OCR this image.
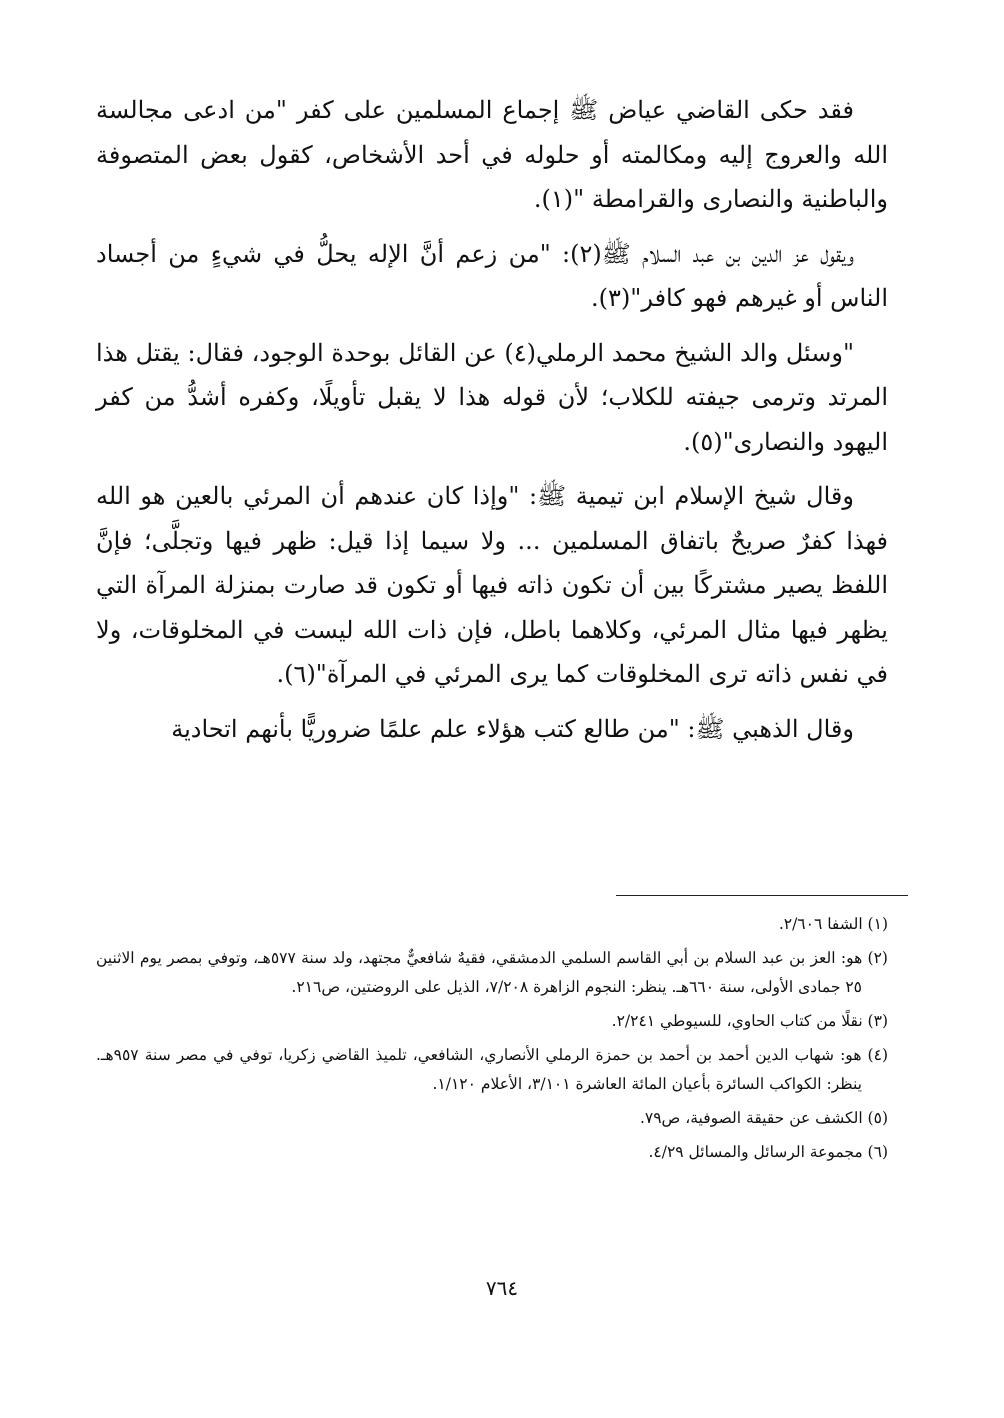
فقد حكى القاضي عياض ﷺ إجماع المسلمين على كفر "من ادعى مجالسة الله والعروج إليه ومكالمته أو حلوله في أحد الأشخاص، كقول بعض المتصوفة والباطنية والنصارى والقرامطة "(١).

ويقول عز الدين بن عبد السلام ﷺ(٢): "من زعم أنَّ الإله يحلُّ في شيءٍ من أجساد الناس أو غيرهم فهو كافر"(٣).

"وسئل والد الشيخ محمد الرملي(٤) عن القائل بوحدة الوجود، فقال: يقتل هذا المرتد وترمى جيفته للكلاب؛ لأن قوله هذا لا يقبل تأويلًا، وكفره أشدُّ من كفر اليهود والنصارى"(٥).

وقال شيخ الإسلام ابن تيمية ﷺ: "وإذا كان عندهم أن المرئي بالعين هو الله فهذا كفرٌ صريحٌ باتفاق المسلمين ... ولا سيما إذا قيل: ظهر فيها وتجلَّى؛ فإنَّ اللفظ يصير مشتركًا بين أن تكون ذاته فيها أو تكون قد صارت بمنزلة المرآة التي يظهر فيها مثال المرئي، وكلاهما باطل، فإن ذات الله ليست في المخلوقات، ولا في نفس ذاته ترى المخلوقات كما يرى المرئي في المرآة"(٦).

وقال الذهبي ﷺ: "من طالع كتب هؤلاء علم علمًا ضروريًّا بأنهم اتحادية

(١) الشفا ٢/٦٠٦.

(٢) هو: العز بن عبد السلام بن أبي القاسم السلمي الدمشقي، فقيهٌ شافعيٌّ مجتهد، ولد سنة ٥٧٧هـ، وتوفي بمصر يوم الاثنين ٢٥ جمادى الأولى، سنة ٦٦٠هـ. ينظر: النجوم الزاهرة ٧/٢٠٨، الذيل على الروضتين، ص٢١٦.

(٣) نقلًا من كتاب الحاوي، للسيوطي ٢/٢٤١.

(٤) هو: شهاب الدين أحمد بن أحمد بن حمزة الرملي الأنصاري، الشافعي، تلميذ القاضي زكريا، توفي في مصر سنة ٩٥٧هـ. ينظر: الكواكب السائرة بأعيان المائة العاشرة ٣/١٠١، الأعلام ١/١٢٠.

(٥) الكشف عن حقيقة الصوفية، ص٧٩.

(٦) مجموعة الرسائل والمسائل ٤/٢٩.

٧٦٤
